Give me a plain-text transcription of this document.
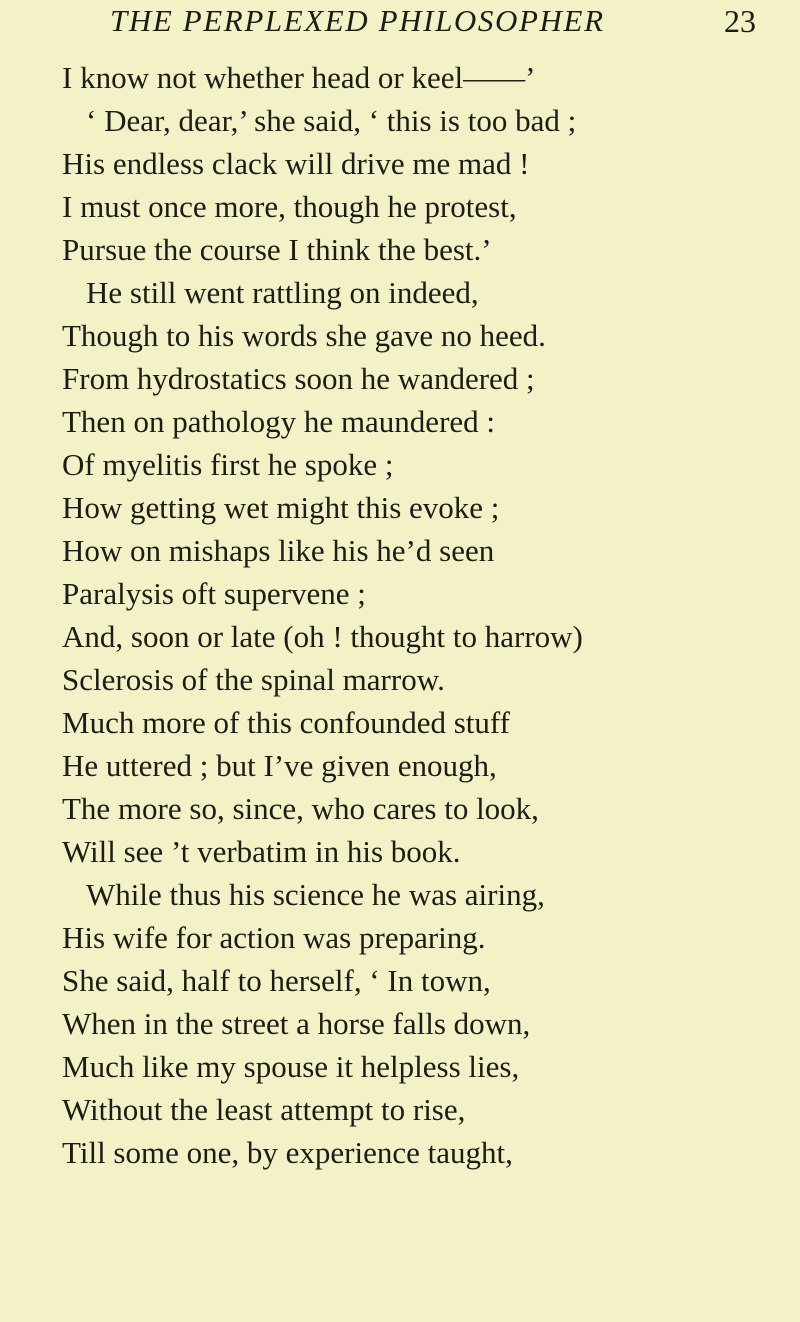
THE PERPLEXED PHILOSOPHER	23
I know not whether head or keel——’
‘ Dear, dear,’ she said, ‘ this is too bad ;
His endless clack will drive me mad !
I must once more, though he protest,
Pursue the course I think the best.’
He still went rattling on indeed,
Though to his words she gave no heed.
From hydrostatics soon he wandered ;
Then on pathology he maundered :
Of myelitis first he spoke ;
How getting wet might this evoke ;
How on mishaps like his he’d seen
Paralysis oft supervene ;
And, soon or late (oh ! thought to harrow)
Sclerosis of the spinal marrow.
Much more of this confounded stuff
He uttered ; but I’ve given enough,
The more so, since, who cares to look,
Will see ’t verbatim in his book.
While thus his science he was airing,
His wife for action was preparing.
She said, half to herself, ‘ In town,
When in the street a horse falls down,
Much like my spouse it helpless lies,
Without the least attempt to rise,
Till some one, by experience taught,
